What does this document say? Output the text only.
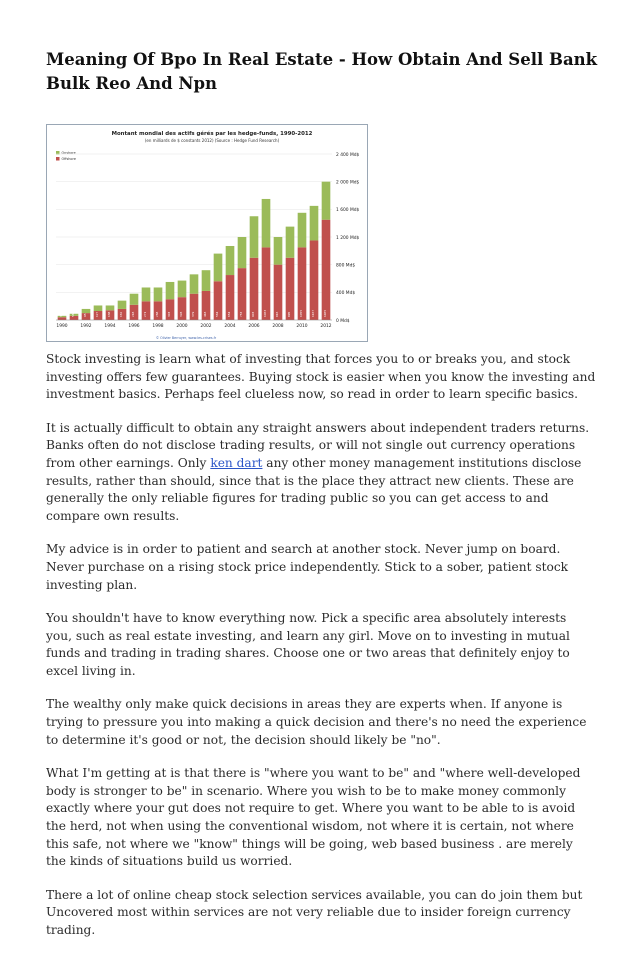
Meaning Of Bpo In Real Estate - How Obtain And Sell Bank Bulk Reo And Npn
Montant mondial des actifs gérés par les hedge-funds, 1990-2012
(en milliards de $ constants 2012) (Source : Hedge Fund Research)
Onshore
Offshore
38	58	95	127	138	162	218	271	268	303	328	379	418	564	654	753	903	1063	816	895	1055	1167	1465
0 Md$
400 Md$
800 Md$
1 200 Md$
1 600 Md$
2 000 Md$
2 400 Md$
1990	1992	1994	1996	1998	2000	2002	2004	2006	2008	2010	2012
© Olivier Berruyer, www.les-crises.fr

Stock investing is learn what of investing that forces you to or breaks you, and stock investing offers few guarantees. Buying stock is easier when you know the investing and investment basics. Perhaps feel clueless now, so read in order to learn specific basics.

It is actually difficult to obtain any straight answers about independent traders returns. Banks often do not disclose trading results, or will not single out currency operations from other earnings. Only ken dart any other money management institutions disclose results, rather than should, since that is the place they attract new clients. These are generally the only reliable figures for trading public so you can get access to and compare own results.

My advice is in order to patient and search at another stock. Never jump on board. Never purchase on a rising stock price independently. Stick to a sober, patient stock investing plan.

You shouldn't have to know everything now. Pick a specific area absolutely interests you, such as real estate investing, and learn any girl. Move on to investing in mutual funds and trading in trading shares. Choose one or two areas that definitely enjoy to excel living in.

The wealthy only make quick decisions in areas they are experts when. If anyone is trying to pressure you into making a quick decision and there's no need the experience to determine it's good or not, the decision should likely be "no".

What I'm getting at is that there is "where you want to be" and "where well-developed body is stronger to be" in scenario. Where you wish to be to make money commonly exactly where your gut does not require to get. Where you want to be able to is avoid the herd, not when using the conventional wisdom, not where it is certain, not where this safe, not where we "know" things will be going, web based business . are merely the kinds of situations build us worried.

There a lot of online cheap stock selection services available, you can do join them but Uncovered most within services are not very reliable due to insider foreign currency trading.
